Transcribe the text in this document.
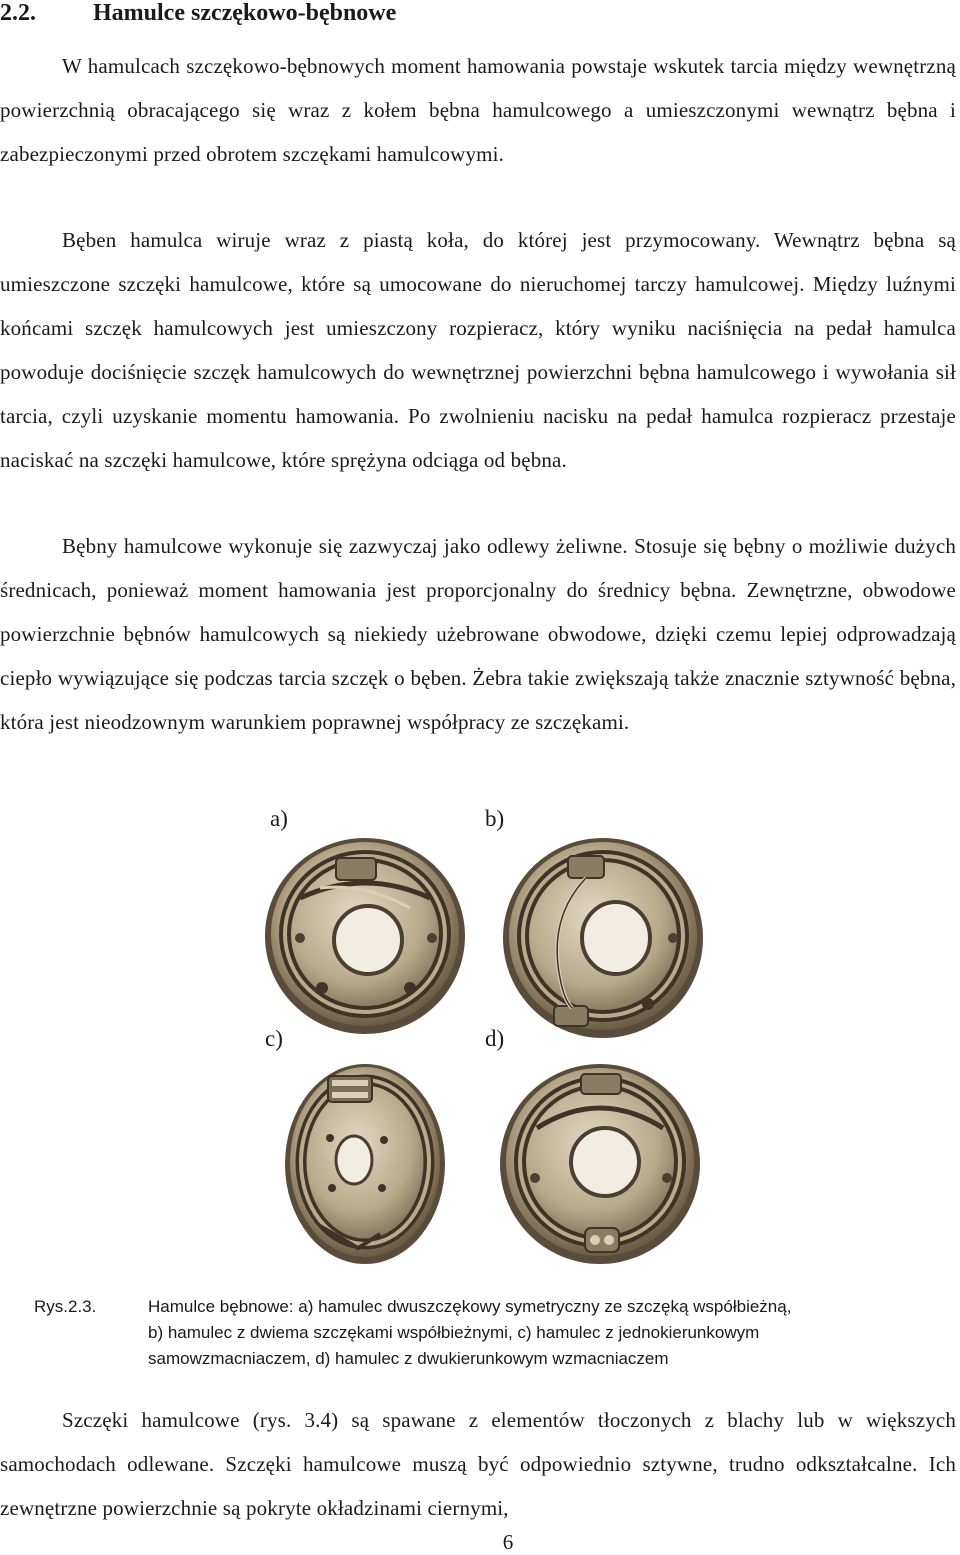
2.2. Hamulce szczękowo-bębnowe

W hamulcach szczękowo-bębnowych moment hamowania powstaje wskutek tarcia między wewnętrzną powierzchnią obracającego się wraz z kołem bębna hamulcowego a umieszczonymi wewnątrz bębna i zabezpieczonymi przed obrotem szczękami hamulcowymi.

Bęben hamulca wiruje wraz z piastą koła, do której jest przymocowany. Wewnątrz bębna są umieszczone szczęki hamulcowe, które są umocowane do nieruchomej tarczy hamulcowej. Między luźnymi końcami szczęk hamulcowych jest umieszczony rozpieracz, który wyniku naciśnięcia na pedał hamulca powoduje dociśnięcie szczęk hamulcowych do wewnętrznej powierzchni bębna hamulcowego i wywołania sił tarcia, czyli uzyskanie momentu hamowania. Po zwolnieniu nacisku na pedał hamulca rozpieracz przestaje naciskać na szczęki hamulcowe, które sprężyna odciąga od bębna.

Bębny hamulcowe wykonuje się zazwyczaj jako odlewy żeliwne. Stosuje się bębny o możliwie dużych średnicach, ponieważ moment hamowania jest proporcjonalny do średnicy bębna. Zewnętrzne, obwodowe powierzchnie bębnów hamulcowych są niekiedy użebrowane obwodowe, dzięki czemu lepiej odprowadzają ciepło wywiązujące się podczas tarcia szczęk o bęben. Żebra takie zwiększają także znacznie sztywność bębna, która jest nieodzownym warunkiem poprawnej współpracy ze szczękami.

a)	b)
c)	d)
Rys.2.3.	Hamulce bębnowe: a) hamulec dwuszczękowy symetryczny ze szczęką współbieżną,
b) hamulec z dwiema szczękami współbieżnymi, c) hamulec z jednokierunkowym
samowzmacniaczem, d) hamulec z dwukierunkowym wzmacniaczem

Szczęki hamulcowe (rys. 3.4) są spawane z elementów tłoczonych z blachy lub w większych samochodach odlewane. Szczęki hamulcowe muszą być odpowiednio sztywne, trudno odkształcalne. Ich zewnętrzne powierzchnie są pokryte okładzinami ciernymi,

6
